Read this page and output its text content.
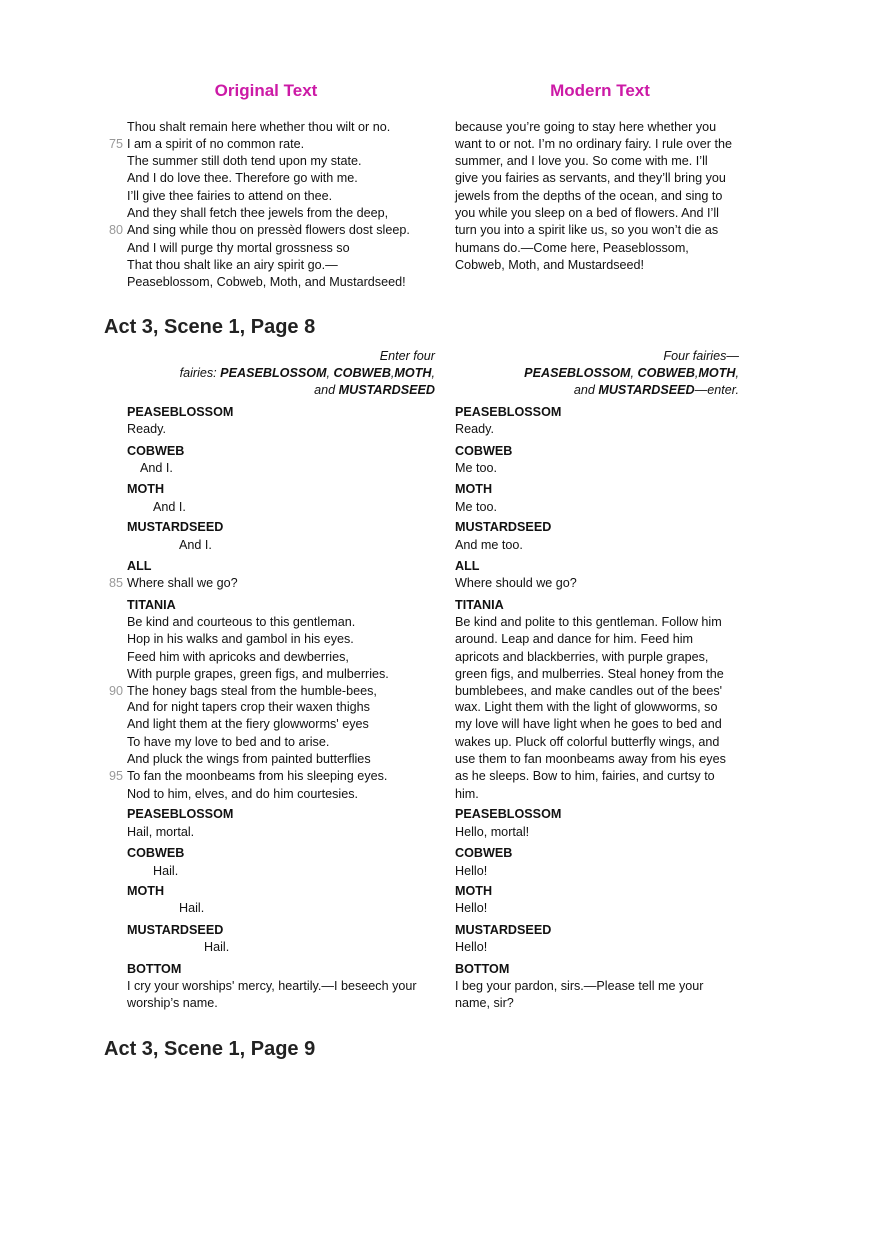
Original Text	Modern Text
Thou shalt remain here whether thou wilt or no.
75 I am a spirit of no common rate.
The summer still doth tend upon my state.
And I do love thee. Therefore go with me.
I’ll give thee fairies to attend on thee.
And they shall fetch thee jewels from the deep,
80 And sing while thou on pressèd flowers dost sleep.
And I will purge thy mortal grossness so
That thou shalt like an airy spirit go.—
Peaseblossom, Cobweb, Moth, and Mustardseed!
because you’re going to stay here whether you
want to or not. I’m no ordinary fairy. I rule over the
summer, and I love you. So come with me. I’ll
give you fairies as servants, and they’ll bring you
jewels from the depths of the ocean, and sing to
you while you sleep on a bed of flowers. And I’ll
turn you into a spirit like us, so you won’t die as
humans do.—Come here, Peaseblossom,
Cobweb, Moth, and Mustardseed!
Act 3, Scene 1, Page 8
Enter four
fairies: PEASEBLOSSOM, COBWEB,MOTH,
and MUSTARDSEED
Four fairies—
PEASEBLOSSOM, COBWEB,MOTH,
and MUSTARDSEED—enter.
PEASEBLOSSOM
Ready.
COBWEB
And I.
MOTH
And I.
MUSTARDSEED
And I.
ALL
85 Where shall we go?
TITANIA
Be kind and courteous to this gentleman.
Hop in his walks and gambol in his eyes.
Feed him with apricoks and dewberries,
With purple grapes, green figs, and mulberries.
90 The honey bags steal from the humble-bees,
And for night tapers crop their waxen thighs
And light them at the fiery glowworms' eyes
To have my love to bed and to arise.
And pluck the wings from painted butterflies
95 To fan the moonbeams from his sleeping eyes.
Nod to him, elves, and do him courtesies.
PEASEBLOSSOM
Hail, mortal.
COBWEB
Hail.
MOTH
Hail.
MUSTARDSEED
Hail.
BOTTOM
I cry your worships' mercy, heartily.—I beseech your
worship’s name.
PEASEBLOSSOM
Ready.
COBWEB
Me too.
MOTH
Me too.
MUSTARDSEED
And me too.
ALL
Where should we go?
TITANIA
Be kind and polite to this gentleman. Follow him
around. Leap and dance for him. Feed him
apricots and blackberries, with purple grapes,
green figs, and mulberries. Steal honey from the
bumblebees, and make candles out of the bees'
wax. Light them with the light of glowworms, so
my love will have light when he goes to bed and
wakes up. Pluck off colorful butterfly wings, and
use them to fan moonbeams away from his eyes
as he sleeps. Bow to him, fairies, and curtsy to
him.
PEASEBLOSSOM
Hello, mortal!
COBWEB
Hello!
MOTH
Hello!
MUSTARDSEED
Hello!
BOTTOM
I beg your pardon, sirs.—Please tell me your
name, sir?
Act 3, Scene 1, Page 9
